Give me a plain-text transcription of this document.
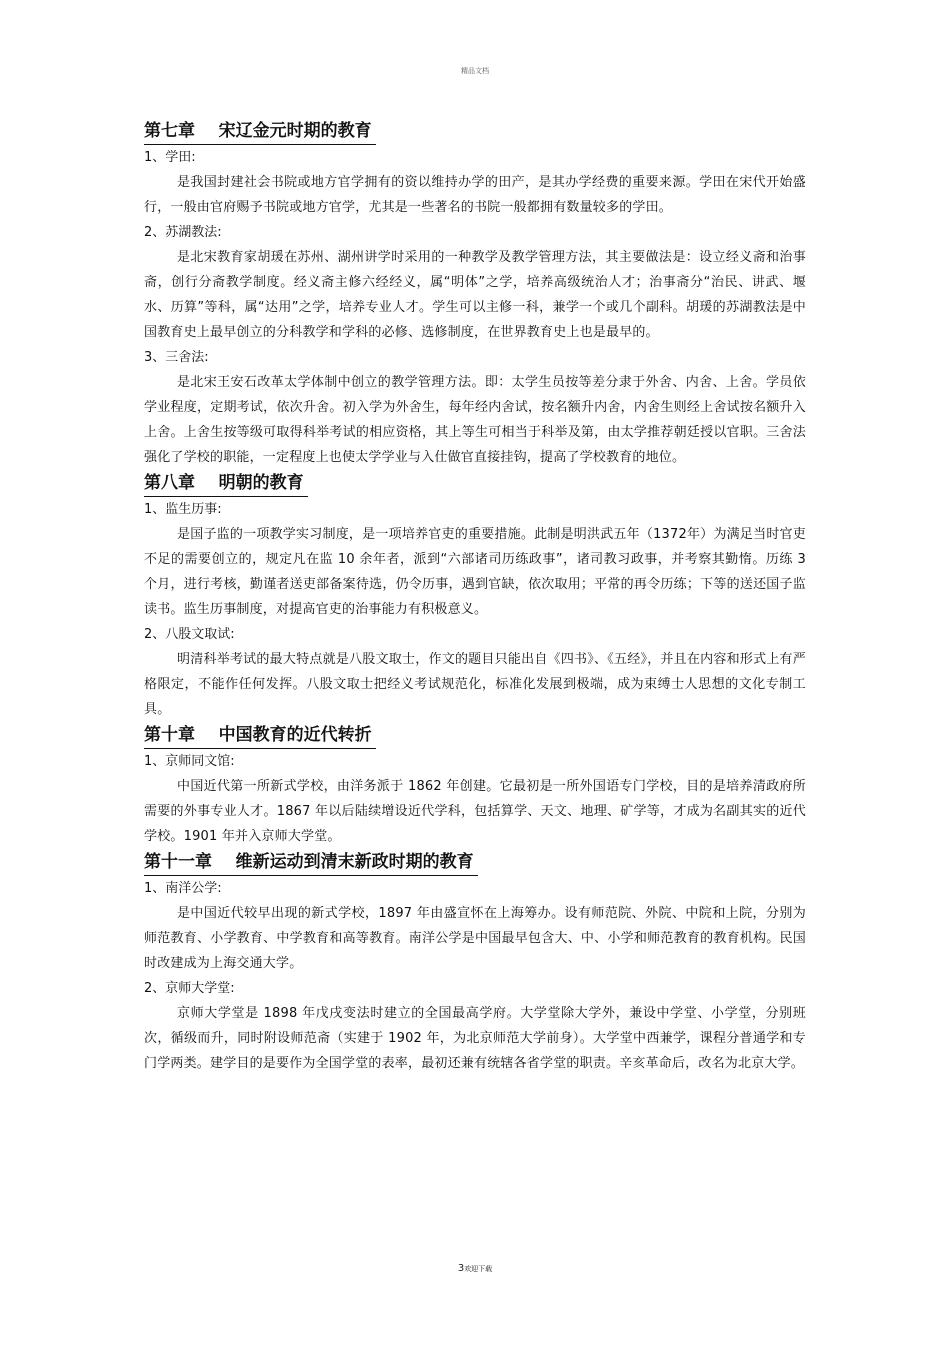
精品文档
第七章    宋辽金元时期的教育

1、学田:

是我国封建社会书院或地方官学拥有的资以维持办学的田产，是其办学经费的重要来源。学田在宋代开始盛行，一般由官府赐予书院或地方官学，尤其是一些著名的书院一般都拥有数量较多的学田。

2、苏湖教法:

是北宋教育家胡瑗在苏州、湖州讲学时采用的一种教学及教学管理方法，其主要做法是：设立经义斋和治事斋，创行分斋教学制度。经义斋主修六经经义，属“明体”之学，培养高级统治人才；治事斋分“治民、讲武、堰水、历算”等科，属“达用”之学，培养专业人才。学生可以主修一科，兼学一个或几个副科。胡瑗的苏湖教法是中国教育史上最早创立的分科教学和学科的必修、选修制度，在世界教育史上也是最早的。

3、三舍法:

是北宋王安石改革太学体制中创立的教学管理方法。即：太学生员按等差分隶于外舍、内舍、上舍。学员依学业程度，定期考试，依次升舍。初入学为外舍生，每年经内舍试，按名额升内舍，内舍生则经上舍试按名额升入上舍。上舍生按等级可取得科举考试的相应资格，其上等生可相当于科举及第，由太学推荐朝廷授以官职。三舍法强化了学校的职能，一定程度上也使太学学业与入仕做官直接挂钩，提高了学校教育的地位。

第八章    明朝的教育

1、监生历事:

是国子监的一项教学实习制度，是一项培养官吏的重要措施。此制是明洪武五年（1372年）为满足当时官吏不足的需要创立的，规定凡在监 10 余年者，派到“六部诸司历练政事”，诸司教习政事，并考察其勤惰。历练 3 个月，进行考核，勤谨者送吏部备案待选，仍令历事，遇到官缺，依次取用；平常的再令历练；下等的送还国子监读书。监生历事制度，对提高官吏的治事能力有积极意义。

2、八股文取试:

明清科举考试的最大特点就是八股文取士，作文的题目只能出自《四书》、《五经》，并且在内容和形式上有严格限定，不能作任何发挥。八股文取士把经义考试规范化，标准化发展到极端，成为束缚士人思想的文化专制工具。

第十章    中国教育的近代转折

1、京师同文馆:

中国近代第一所新式学校，由洋务派于 1862 年创建。它最初是一所外国语专门学校，目的是培养清政府所需要的外事专业人才。1867 年以后陆续增设近代学科，包括算学、天文、地理、矿学等，才成为名副其实的近代学校。1901 年并入京师大学堂。

第十一章    维新运动到清末新政时期的教育

1、南洋公学:

是中国近代较早出现的新式学校，1897 年由盛宣怀在上海筹办。设有师范院、外院、中院和上院，分别为师范教育、小学教育、中学教育和高等教育。南洋公学是中国最早包含大、中、小学和师范教育的教育机构。民国时改建成为上海交通大学。

2、京师大学堂:

京师大学堂是 1898 年戊戌变法时建立的全国最高学府。大学堂除大学外，兼设中学堂、小学堂，分别班次，循级而升，同时附设师范斋（实建于 1902 年，为北京师范大学前身）。大学堂中西兼学，课程分普通学和专门学两类。建学目的是要作为全国学堂的表率，最初还兼有统辖各省学堂的职责。辛亥革命后，改名为北京大学。

3欢迎下载
